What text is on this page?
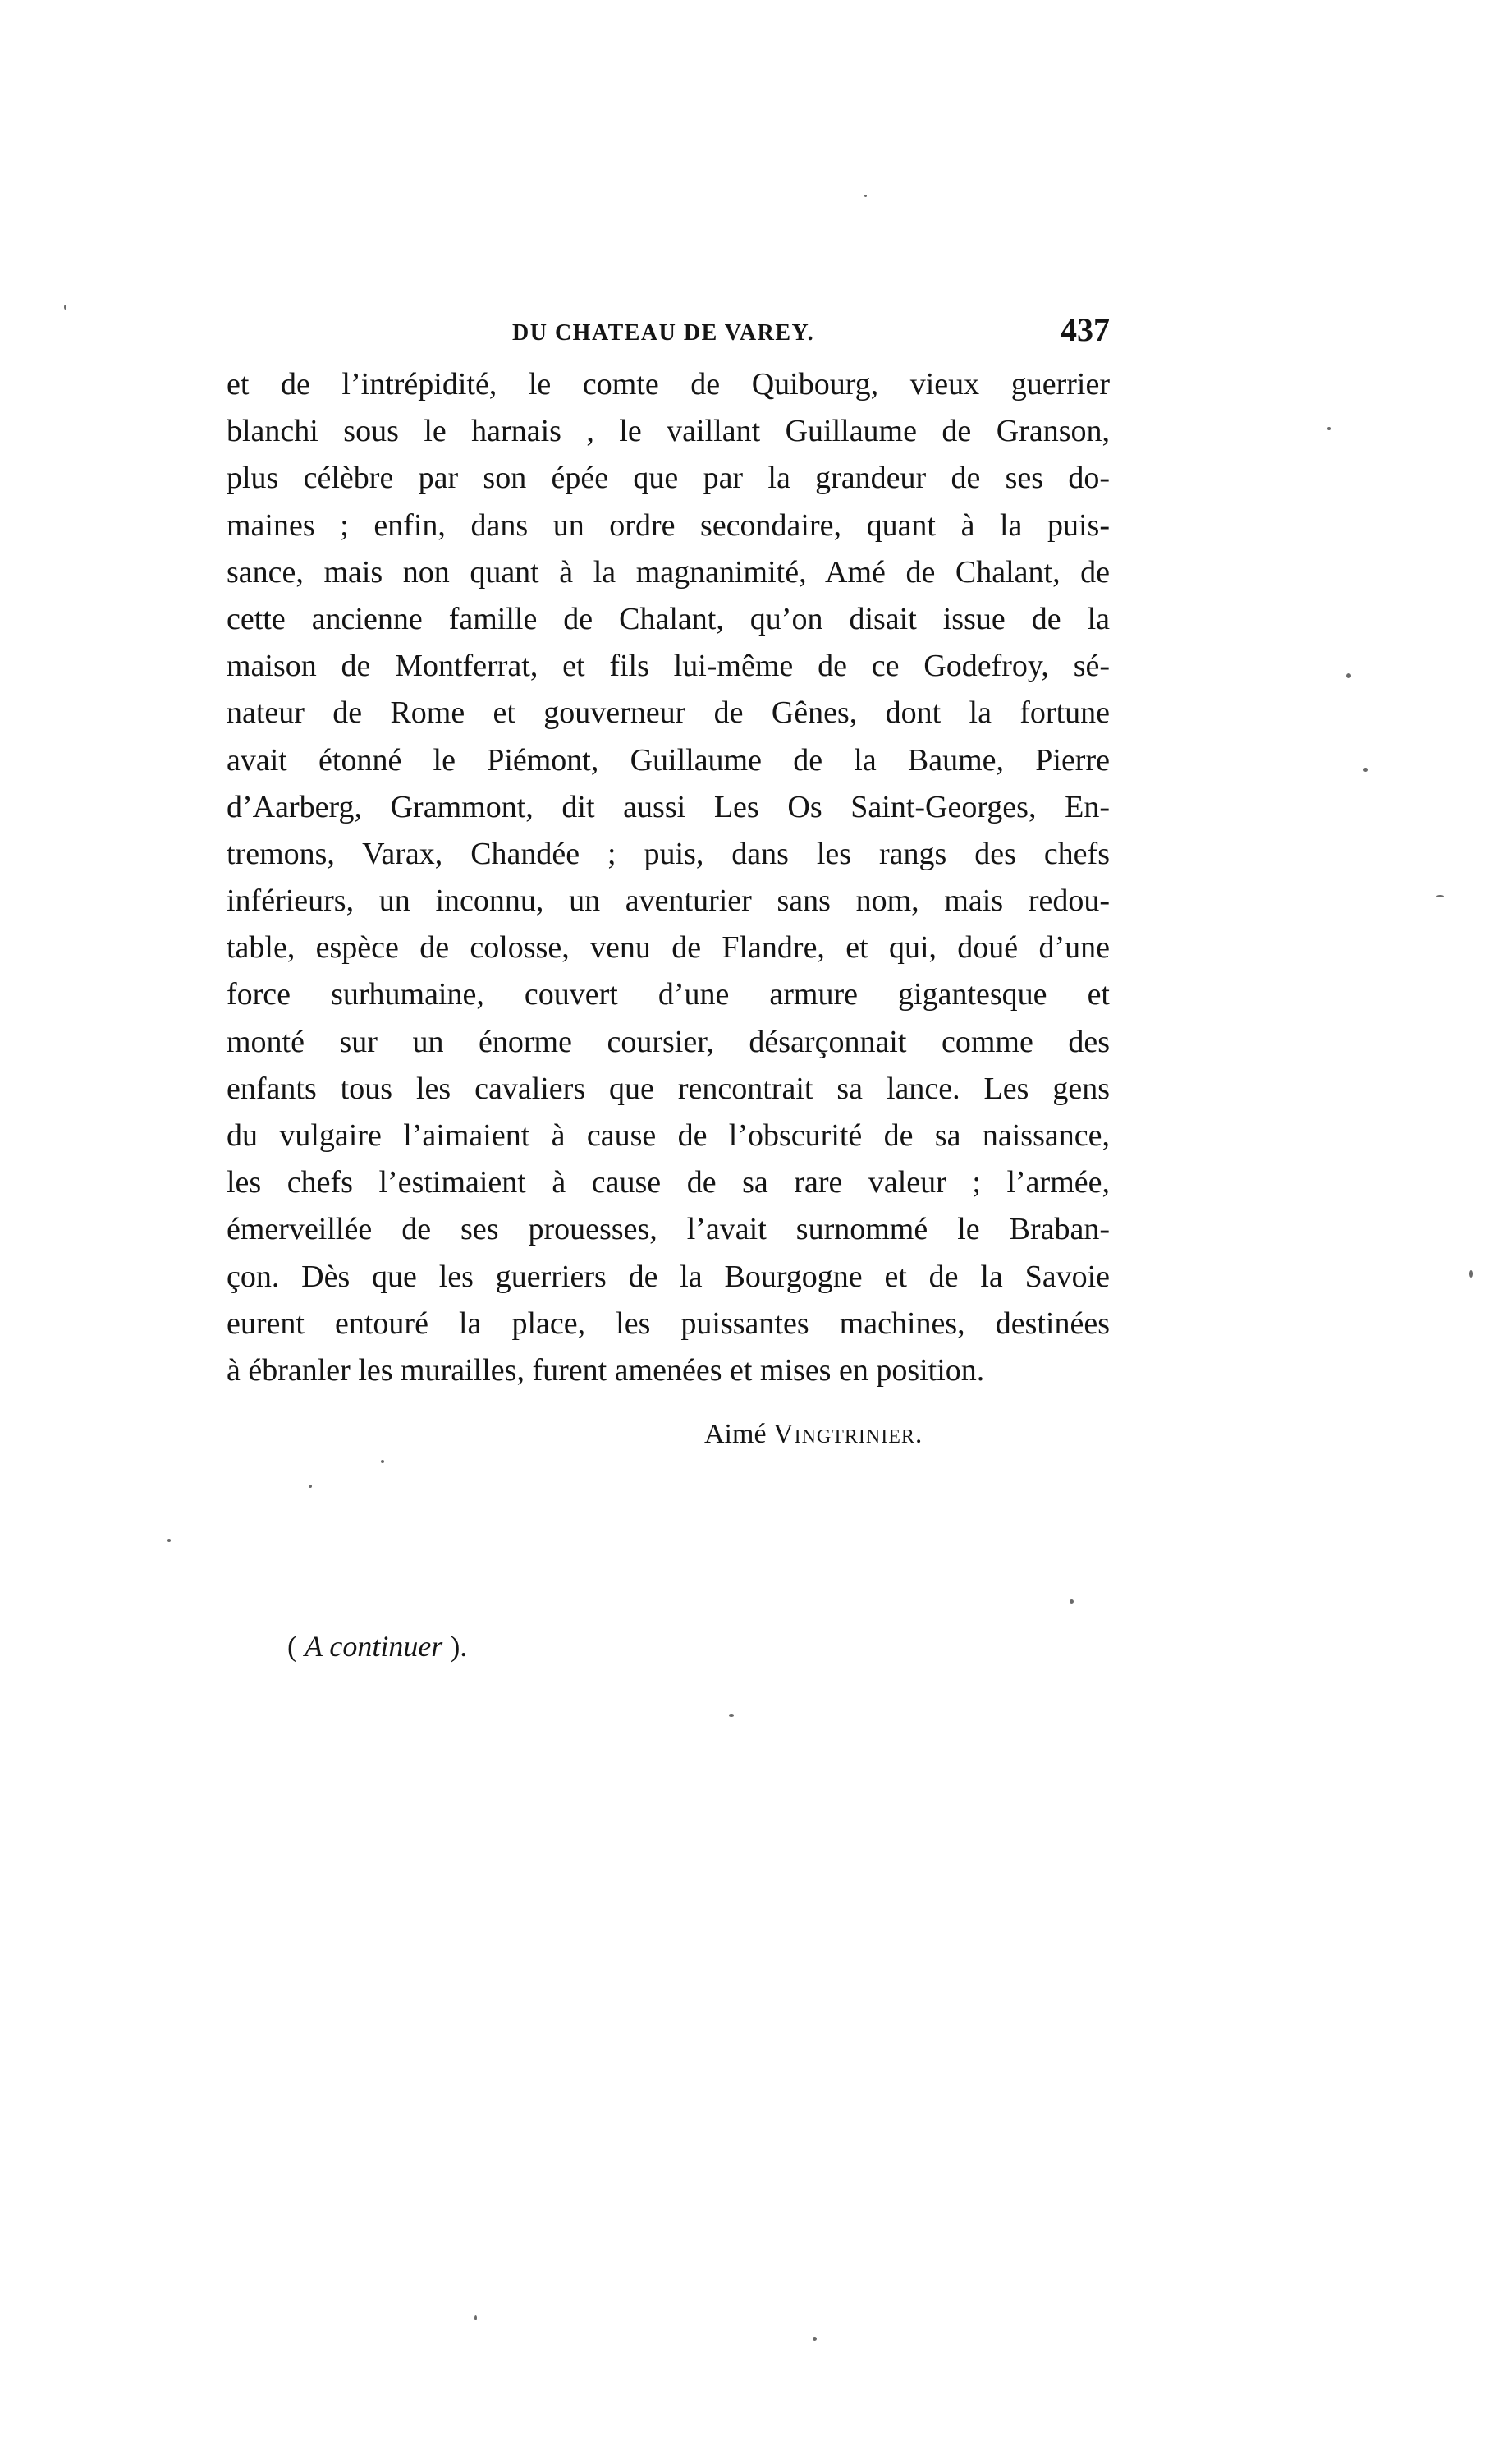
DU CHATEAU DE VAREY.	437
et de l’intrépidité, le comte de Quibourg, vieux guerrier
blanchi sous le harnais , le vaillant Guillaume de Granson,
plus célèbre par son épée que par la grandeur de ses do-
maines ; enfin, dans un ordre secondaire, quant à la puis-
sance, mais non quant à la magnanimité, Amé de Chalant, de
cette ancienne famille de Chalant, qu’on disait issue de la
maison de Montferrat, et fils lui-même de ce Godefroy, sé-
nateur de Rome et gouverneur de Gênes, dont la fortune
avait étonné le Piémont, Guillaume de la Baume, Pierre
d’Aarberg, Grammont, dit aussi Les Os Saint-Georges, En-
tremons, Varax, Chandée ; puis, dans les rangs des chefs
inférieurs, un inconnu, un aventurier sans nom, mais redou-
table, espèce de colosse, venu de Flandre, et qui, doué d’une
force surhumaine, couvert d’une armure gigantesque et
monté sur un énorme coursier, désarçonnait comme des
enfants tous les cavaliers que rencontrait sa lance. Les gens
du vulgaire l’aimaient à cause de l’obscurité de sa naissance,
les chefs l’estimaient à cause de sa rare valeur ; l’armée,
émerveillée de ses prouesses, l’avait surnommé le Braban-
çon. Dès que les guerriers de la Bourgogne et de la Savoie
eurent entouré la place, les puissantes machines, destinées
à ébranler les murailles, furent amenées et mises en position.
Aimé Vingtrinier.
( A continuer ).
